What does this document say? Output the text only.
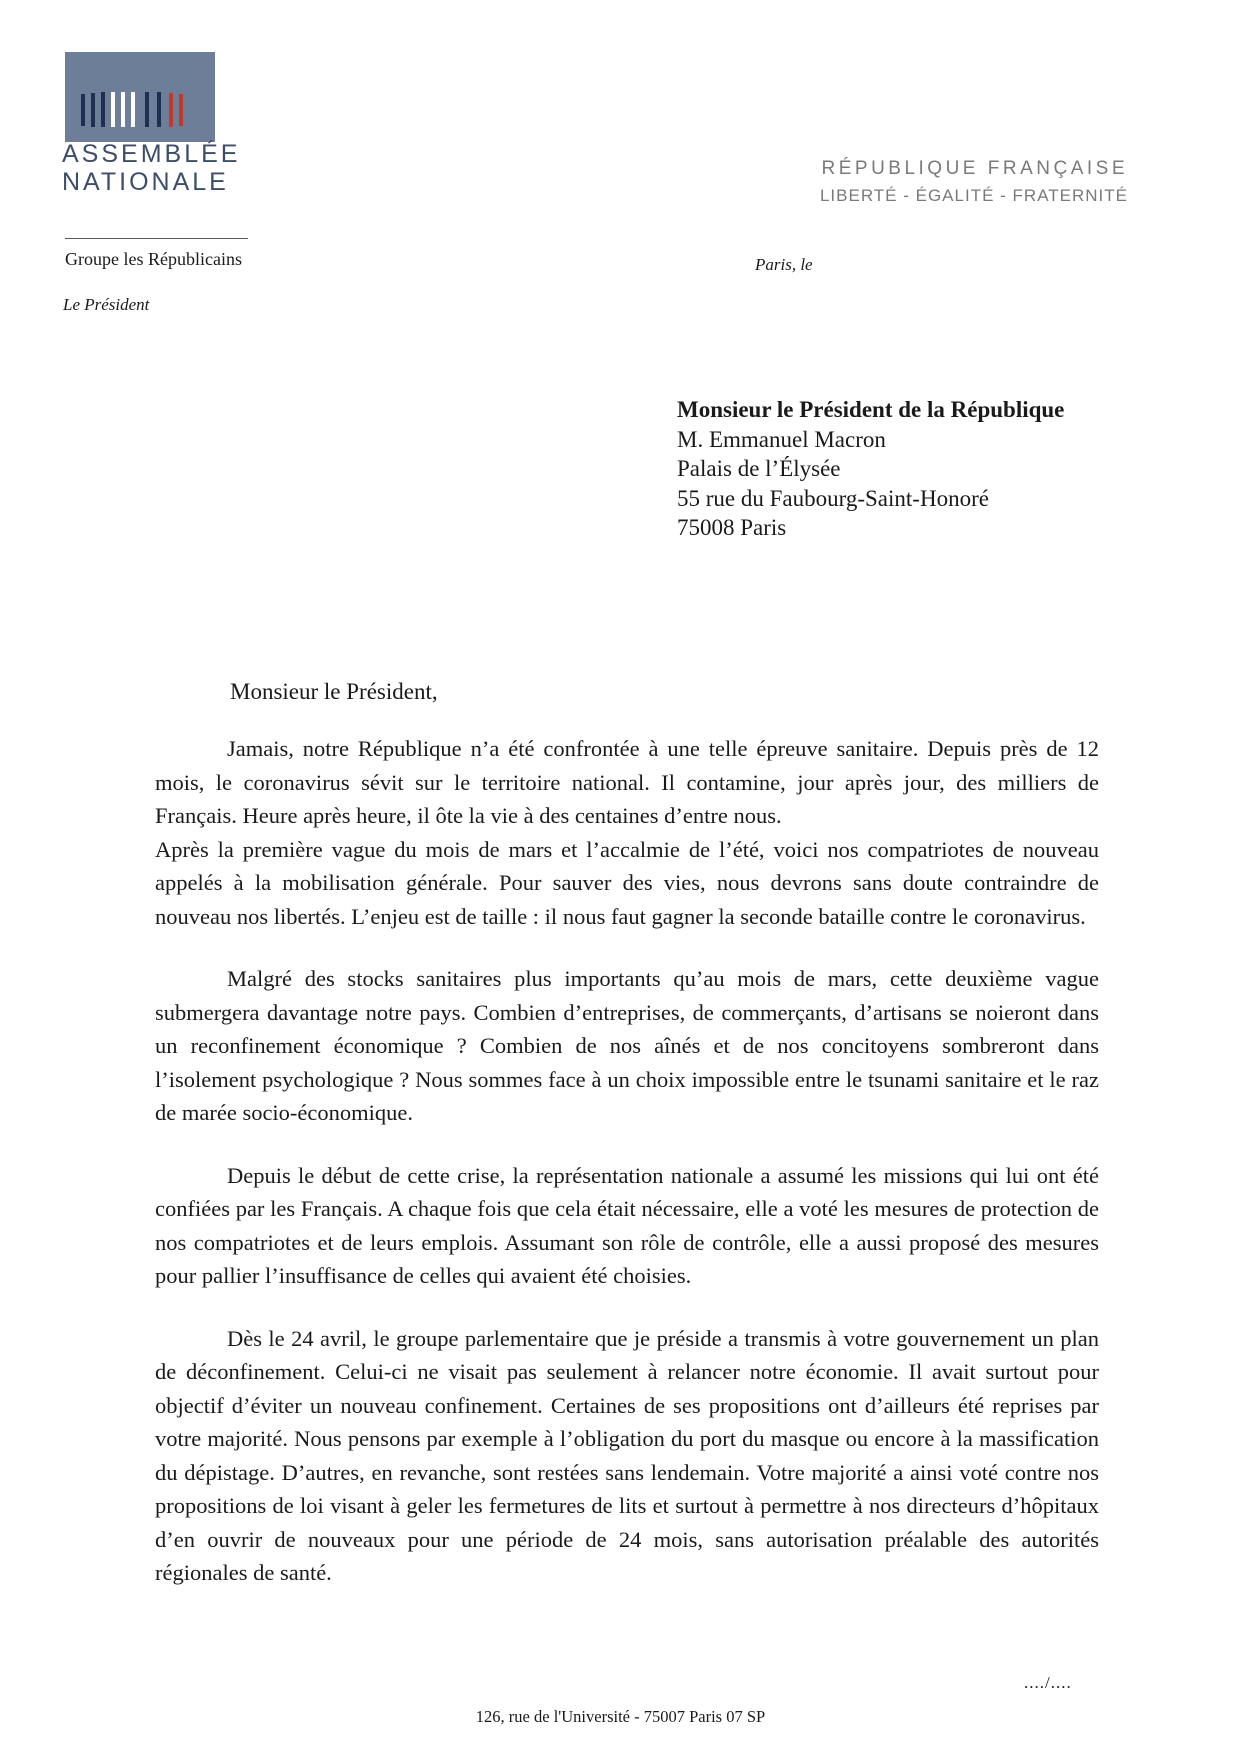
ASSEMBLÉE
NATIONALE	RÉPUBLIQUE FRANÇAISE
LIBERTÉ - ÉGALITÉ - FRATERNITÉ
Groupe les Républicains
Le Président
Paris, le
Monsieur le Président de la République
M. Emmanuel Macron
Palais de l’Élysée
55 rue du Faubourg-Saint-Honoré
75008 Paris
Monsieur le Président,

Jamais, notre République n’a été confrontée à une telle épreuve sanitaire. Depuis près de 12 mois, le coronavirus sévit sur le territoire national. Il contamine, jour après jour, des milliers de Français. Heure après heure, il ôte la vie à des centaines d’entre nous.

Après la première vague du mois de mars et l’accalmie de l’été, voici nos compatriotes de nouveau appelés à la mobilisation générale. Pour sauver des vies, nous devrons sans doute contraindre de nouveau nos libertés. L’enjeu est de taille : il nous faut gagner la seconde bataille contre le coronavirus.

Malgré des stocks sanitaires plus importants qu’au mois de mars, cette deuxième vague submergera davantage notre pays. Combien d’entreprises, de commerçants, d’artisans se noieront dans un reconfinement économique ? Combien de nos aînés et de nos concitoyens sombreront dans l’isolement psychologique ? Nous sommes face à un choix impossible entre le tsunami sanitaire et le raz de marée socio-économique.

Depuis le début de cette crise, la représentation nationale a assumé les missions qui lui ont été confiées par les Français. A chaque fois que cela était nécessaire, elle a voté les mesures de protection de nos compatriotes et de leurs emplois. Assumant son rôle de contrôle, elle a aussi proposé des mesures pour pallier l’insuffisance de celles qui avaient été choisies.

Dès le 24 avril, le groupe parlementaire que je préside a transmis à votre gouvernement un plan de déconfinement. Celui-ci ne visait pas seulement à relancer notre économie. Il avait surtout pour objectif d’éviter un nouveau confinement. Certaines de ses propositions ont d’ailleurs été reprises par votre majorité. Nous pensons par exemple à l’obligation du port du masque ou encore à la massification du dépistage. D’autres, en revanche, sont restées sans lendemain. Votre majorité a ainsi voté contre nos propositions de loi visant à geler les fermetures de lits et surtout à permettre à nos directeurs d’hôpitaux d’en ouvrir de nouveaux pour une période de 24 mois, sans autorisation préalable des autorités régionales de santé.

..../....
126, rue de l'Université - 75007 Paris 07 SP
